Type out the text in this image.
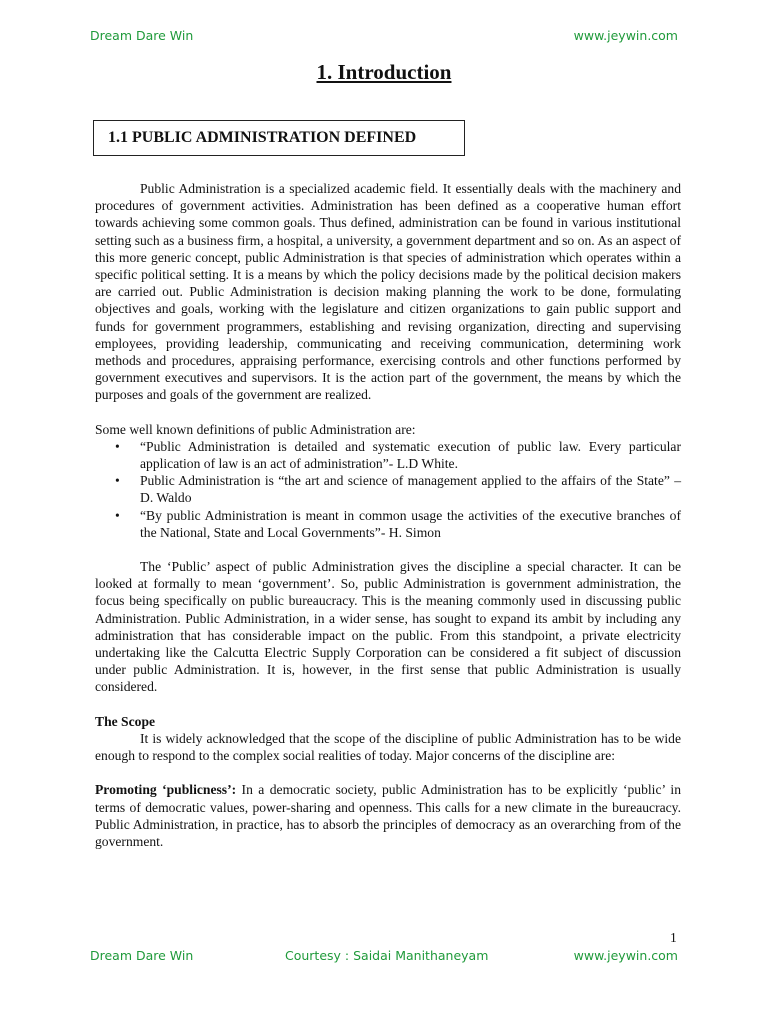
Dream Dare Win	www.jeywin.com
1. Introduction
1.1 PUBLIC ADMINISTRATION DEFINED

Public Administration is a specialized academic field. It essentially deals with the machinery and procedures of government activities. Administration has been defined as a cooperative human effort towards achieving some common goals. Thus defined, administration can be found in various institutional setting such as a business firm, a hospital, a university, a government department and so on. As an aspect of this more generic concept, public Administration is that species of administration which operates within a specific political setting. It is a means by which the policy decisions made by the political decision makers are carried out. Public Administration is decision making planning the work to be done, formulating objectives and goals, working with the legislature and citizen organizations to gain public support and funds for government programmers, establishing and revising organization, directing and supervising employees, providing leadership, communicating and receiving communication, determining work methods and procedures, appraising performance, exercising controls and other functions performed by government executives and supervisors. It is the action part of the government, the means by which the purposes and goals of the government are realized.

Some well known definitions of public Administration are:

• “Public Administration is detailed and systematic execution of public law. Every particular application of law is an act of administration”- L.D White.
• Public Administration is “the art and science of management applied to the affairs of the State” – D. Waldo
• “By public Administration is meant in common usage the activities of the executive branches of the National, State and Local Governments”- H. Simon

The ‘Public’ aspect of public Administration gives the discipline a special character. It can be looked at formally to mean ‘government’. So, public Administration is government administration, the focus being specifically on public bureaucracy. This is the meaning commonly used in discussing public Administration. Public Administration, in a wider sense, has sought to expand its ambit by including any administration that has considerable impact on the public. From this standpoint, a private electricity undertaking like the Calcutta Electric Supply Corporation can be considered a fit subject of discussion under public Administration. It is, however, in the first sense that public Administration is usually considered.

The Scope

It is widely acknowledged that the scope of the discipline of public Administration has to be wide enough to respond to the complex social realities of today. Major concerns of the discipline are:

Promoting ‘publicness’: In a democratic society, public Administration has to be explicitly ‘public’ in terms of democratic values, power-sharing and openness. This calls for a new climate in the bureaucracy. Public Administration, in practice, has to absorb the principles of democracy as an overarching from of the government.

1
Dream Dare Win	Courtesy : Saidai Manithaneyam	www.jeywin.com
